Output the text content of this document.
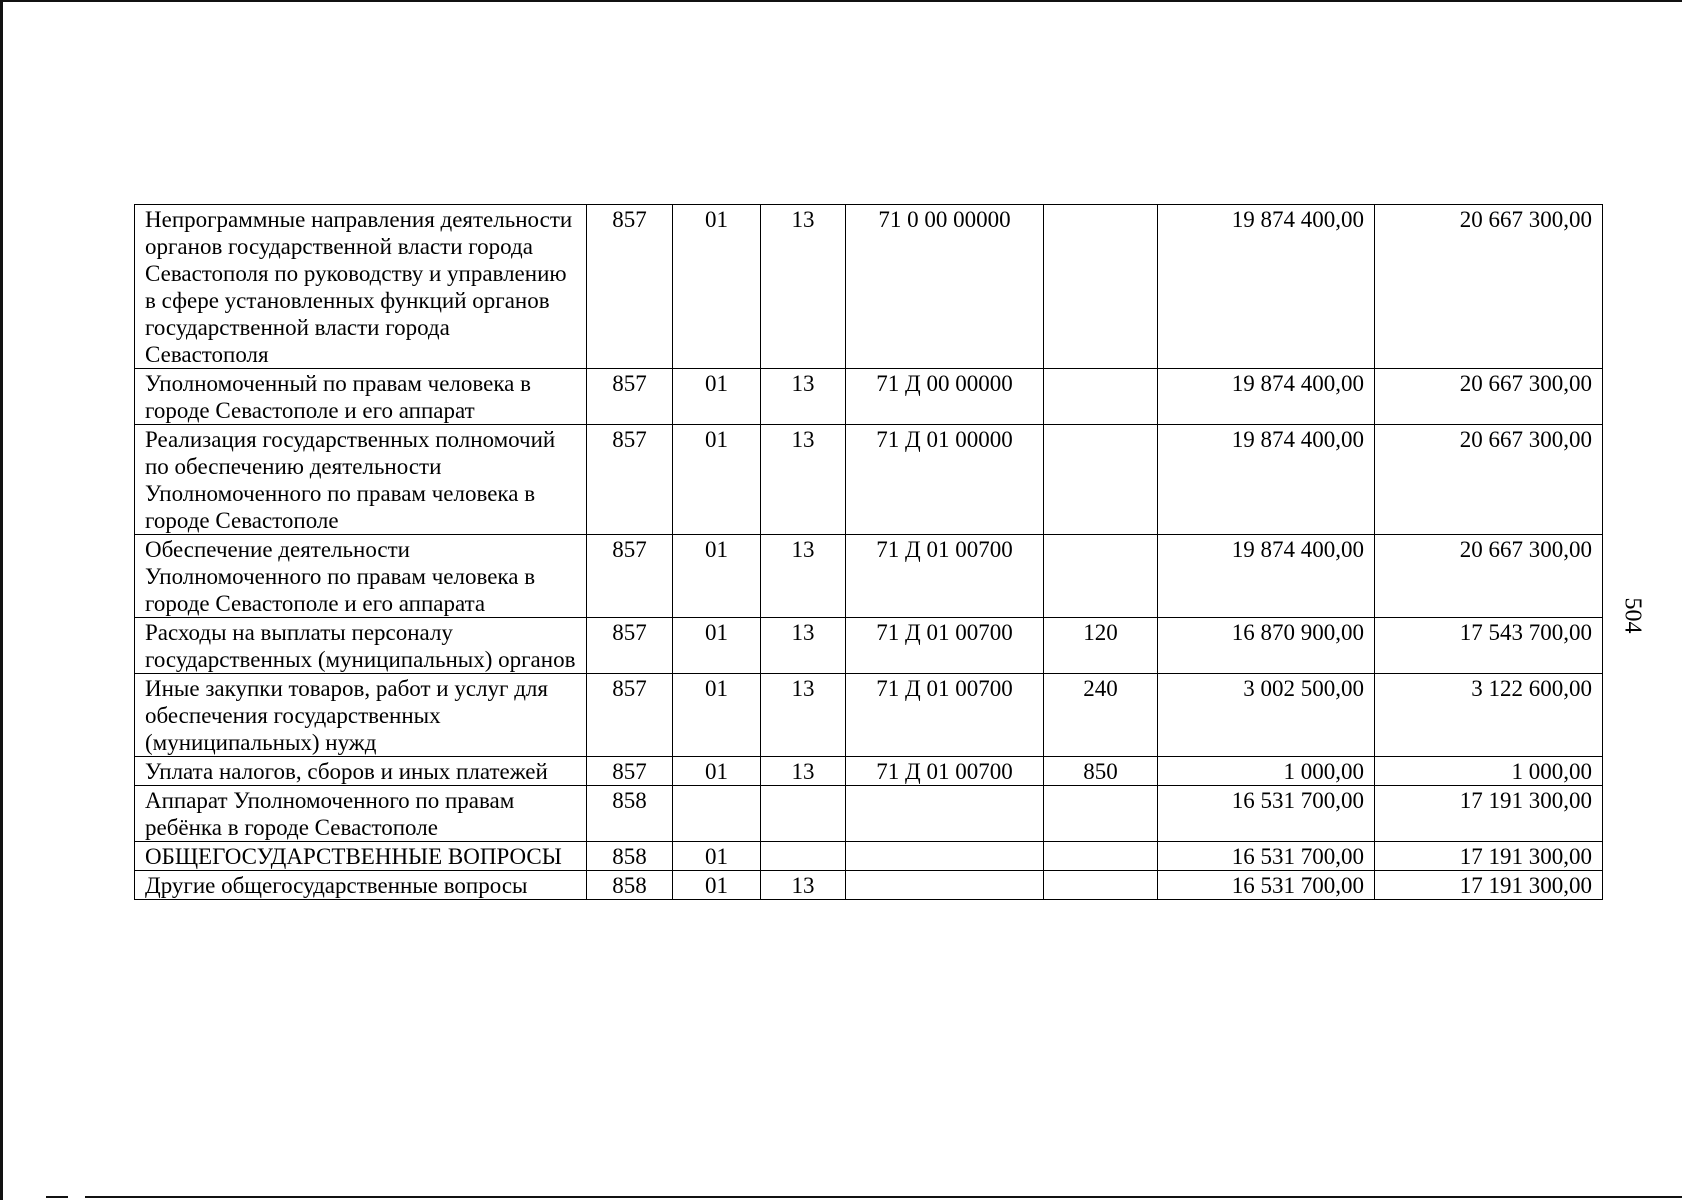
504
Непрограммные направления деятельности органов государственной власти города Севастополя по руководству и управлению в сфере установленных функций органов государственной власти города Севастополя	857	01	13	71 0 00 00000		19 874 400,00	20 667 300,00
Уполномоченный по правам человека в городе Севастополе и его аппарат	857	01	13	71 Д 00 00000		19 874 400,00	20 667 300,00
Реализация государственных полномочий по обеспечению деятельности Уполномоченного по правам человека в городе Севастополе	857	01	13	71 Д 01 00000		19 874 400,00	20 667 300,00
Обеспечение деятельности Уполномоченного по правам человека в городе Севастополе и его аппарата	857	01	13	71 Д 01 00700		19 874 400,00	20 667 300,00
Расходы на выплаты персоналу государственных (муниципальных) органов	857	01	13	71 Д 01 00700	120	16 870 900,00	17 543 700,00
Иные закупки товаров, работ и услуг для обеспечения государственных (муниципальных) нужд	857	01	13	71 Д 01 00700	240	3 002 500,00	3 122 600,00
Уплата налогов, сборов и иных платежей	857	01	13	71 Д 01 00700	850	1 000,00	1 000,00
Аппарат Уполномоченного по правам ребёнка в городе Севастополе	858					16 531 700,00	17 191 300,00
ОБЩЕГОСУДАРСТВЕННЫЕ ВОПРОСЫ	858	01				16 531 700,00	17 191 300,00
Другие общегосударственные вопросы	858	01	13			16 531 700,00	17 191 300,00
